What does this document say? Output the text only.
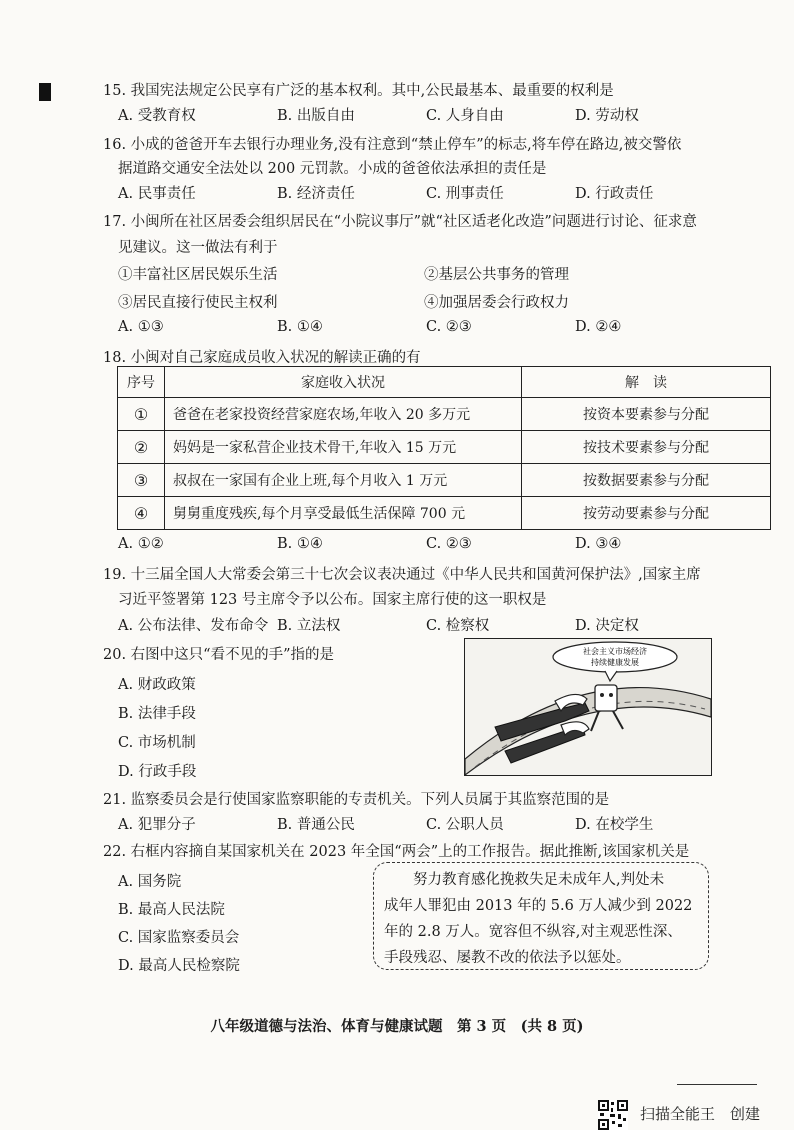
15. 我国宪法规定公民享有广泛的基本权利。其中,公民最基本、最重要的权利是
A. 受教育权	B. 出版自由	C. 人身自由	D. 劳动权
16. 小成的爸爸开车去银行办理业务,没有注意到“禁止停车”的标志,将车停在路边,被交警依
据道路交通安全法处以 200 元罚款。小成的爸爸依法承担的责任是
A. 民事责任	B. 经济责任	C. 刑事责任	D. 行政责任
17. 小闽所在社区居委会组织居民在“小院议事厅”就“社区适老化改造”问题进行讨论、征求意
见建议。这一做法有利于
①丰富社区居民娱乐生活	②基层公共事务的管理
③居民直接行使民主权利	④加强居委会行政权力
A. ①③	B. ①④	C. ②③	D. ②④
18. 小闽对自己家庭成员收入状况的解读正确的有
序号	家庭收入状况	解　读
①	爸爸在老家投资经营家庭农场,年收入 20 多万元	按资本要素参与分配
②	妈妈是一家私营企业技术骨干,年收入 15 万元	按技术要素参与分配
③	叔叔在一家国有企业上班,每个月收入 1 万元	按数据要素参与分配
④	舅舅重度残疾,每个月享受最低生活保障 700 元	按劳动要素参与分配
A. ①②	B. ①④	C. ②③	D. ③④
19. 十三届全国人大常委会第三十七次会议表决通过《中华人民共和国黄河保护法》,国家主席
习近平签署第 123 号主席令予以公布。国家主席行使的这一职权是
A. 公布法律、发布命令 B. 立法权	C. 检察权	D. 决定权
20. 右图中这只“看不见的手”指的是
A. 财政政策
B. 法律手段
C. 市场机制
D. 行政手段
社会主义市场经济
持续健康发展
21. 监察委员会是行使国家监察职能的专责机关。下列人员属于其监察范围的是
A. 犯罪分子	B. 普通公民	C. 公职人员	D. 在校学生
22. 右框内容摘自某国家机关在 2023 年全国“两会”上的工作报告。据此推断,该国家机关是
A. 国务院
B. 最高人民法院
C. 国家监察委员会
D. 最高人民检察院
努力教育感化挽救失足未成年人,判处未
成年人罪犯由 2013 年的 5.6 万人减少到 2022
年的 2.8 万人。宽容但不纵容,对主观恶性深、
手段残忍、屡教不改的依法予以惩处。
八年级道德与法治、体育与健康试题　第 3 页　(共 8 页)
扫描全能王　创建
